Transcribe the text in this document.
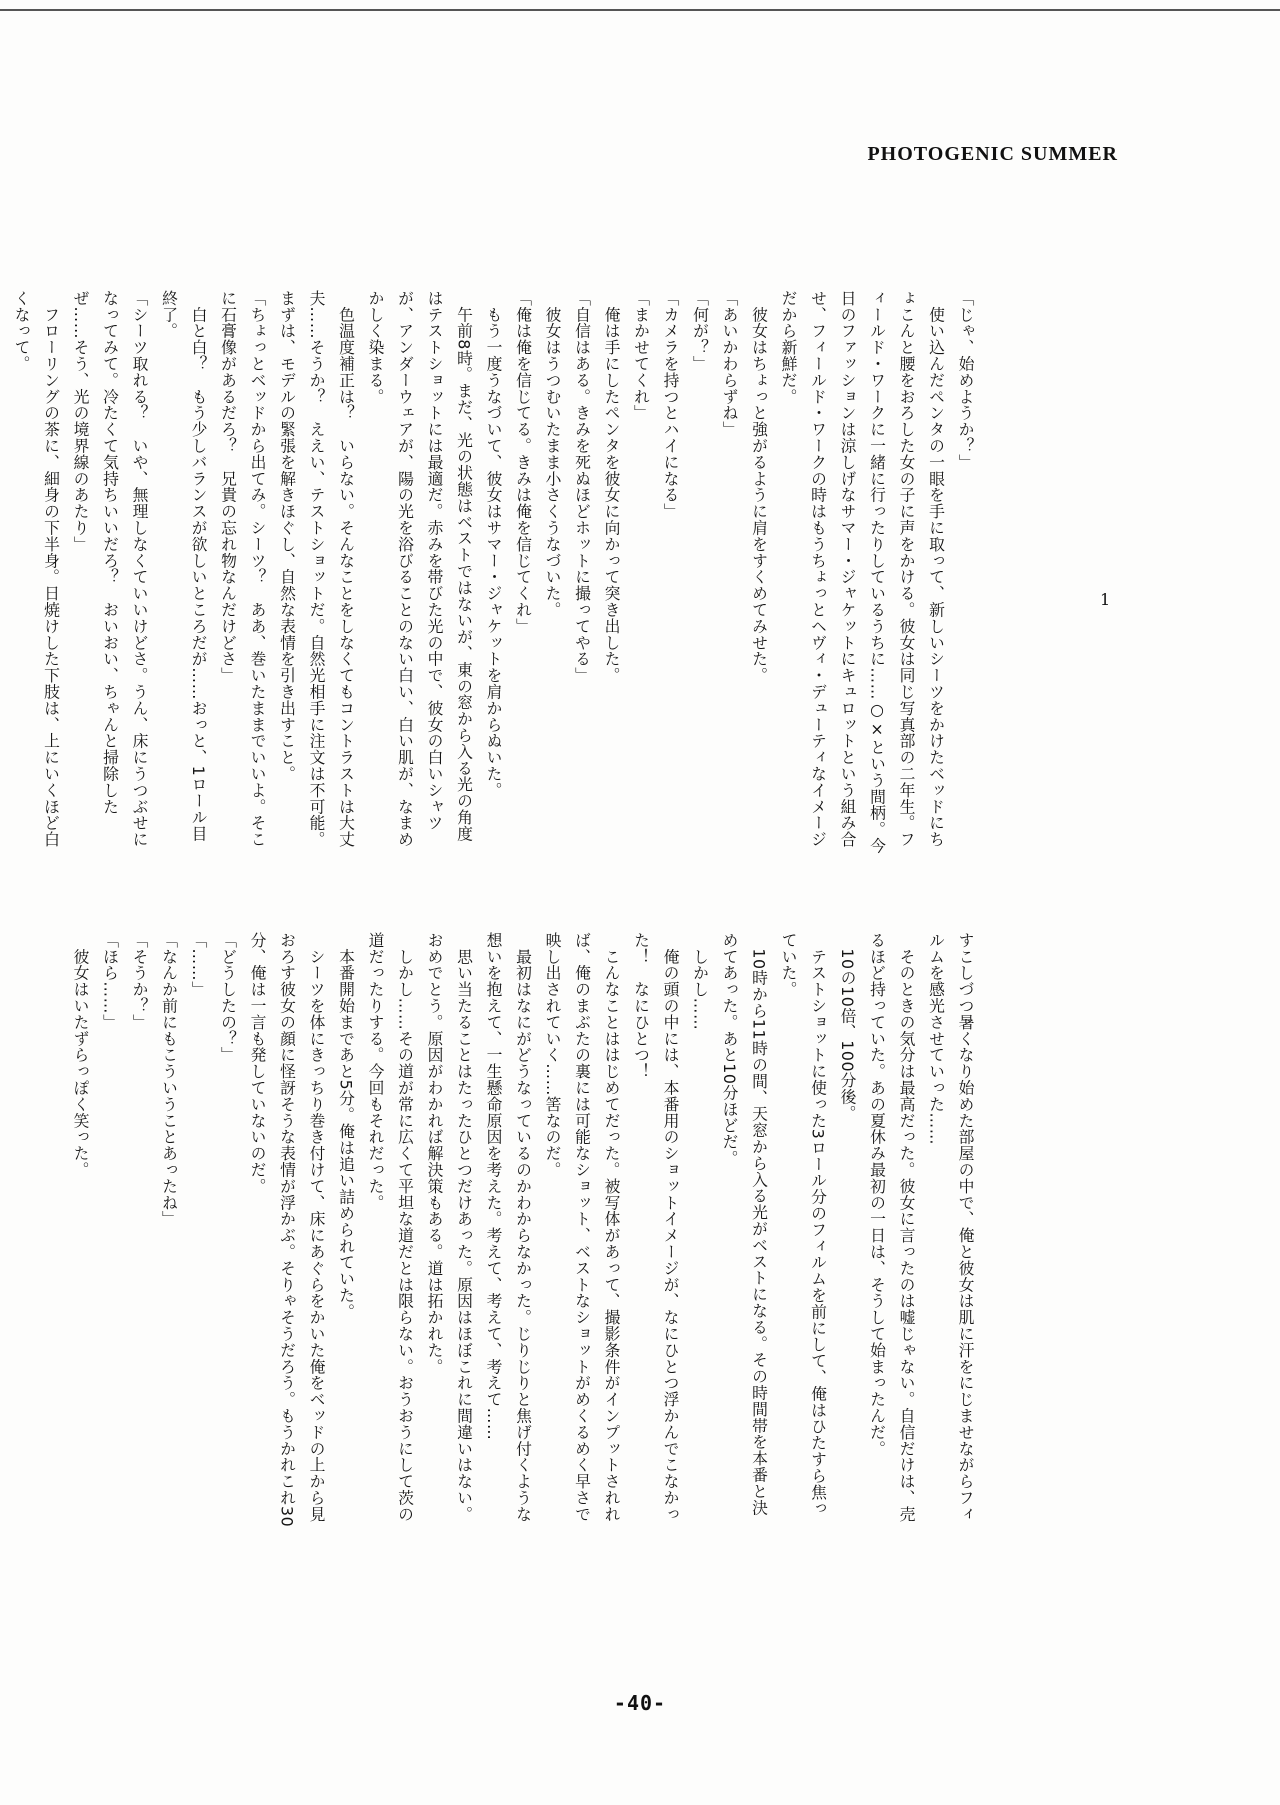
PHOTOGENIC SUMMER
1

「じゃ、始めようか？」

　使い込んだペンタの一眼を手に取って、新しいシーツをかけたベッドにちょこんと腰をおろした女の子に声をかける。彼女は同じ写真部の二年生。フィールド・ワークに一緒に行ったりしているうちに……○×という間柄。今日のファッションは涼しげなサマー・ジャケットにキュロットという組み合せ、フィールド・ワークの時はもうちょっとヘヴィ・デューティなイメージだから新鮮だ。

　彼女はちょっと強がるように肩をすくめてみせた。

「あいかわらずね」

「何が？」

「カメラを持つとハイになる」

「まかせてくれ」

　俺は手にしたペンタを彼女に向かって突き出した。

「自信はある。きみを死ぬほどホットに撮ってやる」

　彼女はうつむいたまま小さくうなづいた。

「俺は俺を信じてる。きみは俺を信じてくれ」

　もう一度うなづいて、彼女はサマー・ジャケットを肩からぬいた。

　午前8時。まだ、光の状態はベストではないが、東の窓から入る光の角度はテストショットには最適だ。赤みを帯びた光の中で、彼女の白いシャツが、アンダーウェアが、陽の光を浴びることのない白い、白い肌が、なまめかしく染まる。

　色温度補正は？　いらない。そんなことをしなくてもコントラストは大丈夫……そうか？　ええい、テストショットだ。自然光相手に注文は不可能。まずは、モデルの緊張を解きほぐし、自然な表情を引き出すこと。

「ちょっとベッドから出てみ。シーツ？　ああ、巻いたままでいいよ。そこに石膏像があるだろ？　兄貴の忘れ物なんだけどさ」

　白と白？　もう少しバランスが欲しいところだが……おっと、1ロール目終了。

「シーツ取れる？　いや、無理しなくていいけどさ。うん、床にうつぶせになってみて。冷たくて気持ちいいだろ？　おいおい、ちゃんと掃除したぜ……そう、光の境界線のあたり」

　フローリングの茶に、細身の下半身。日焼けした下肢は、上にいくほど白くなって。

すこしづつ暑くなり始めた部屋の中で、俺と彼女は肌に汗をにじませながらフィルムを感光させていった……

　そのときの気分は最高だった。彼女に言ったのは嘘じゃない。自信だけは、売るほど持っていた。あの夏休み最初の一日は、そうして始まったんだ。

　10の10倍、100分後。

　テストショットに使った3ロール分のフィルムを前にして、俺はひたすら焦っていた。

　10時から11時の間、天窓から入る光がベストになる。その時間帯を本番と決めてあった。あと10分ほどだ。

　しかし……

　俺の頭の中には、本番用のショットイメージが、なにひとつ浮かんでこなかった！　なにひとつ！

　こんなことははじめてだった。被写体があって、撮影条件がインプットされれば、俺のまぶたの裏には可能なショット、ベストなショットがめくるめく早さで映し出されていく……筈なのだ。

　最初はなにがどうなっているのかわからなかった。じりじりと焦げ付くような想いを抱えて、一生懸命原因を考えた。考えて、考えて、考えて……

　思い当たることはたったひとつだけあった。原因はほぼこれに間違いはない。おめでとう。原因がわかれば解決策もある。道は拓かれた。

　しかし……その道が常に広くて平坦な道だとは限らない。おうおうにして茨の道だったりする。今回もそれだった。

　本番開始まであと5分。俺は追い詰められていた。

　シーツを体にきっちり巻き付けて、床にあぐらをかいた俺をベッドの上から見おろす彼女の顔に怪訝そうな表情が浮かぶ。そりゃそうだろう。もうかれこれ30分、俺は一言も発していないのだ。

「どうしたの？」

「……」

「なんか前にもこういうことあったね」

「そうか？」

「ほら……」

　彼女はいたずらっぽく笑った。

-40-
